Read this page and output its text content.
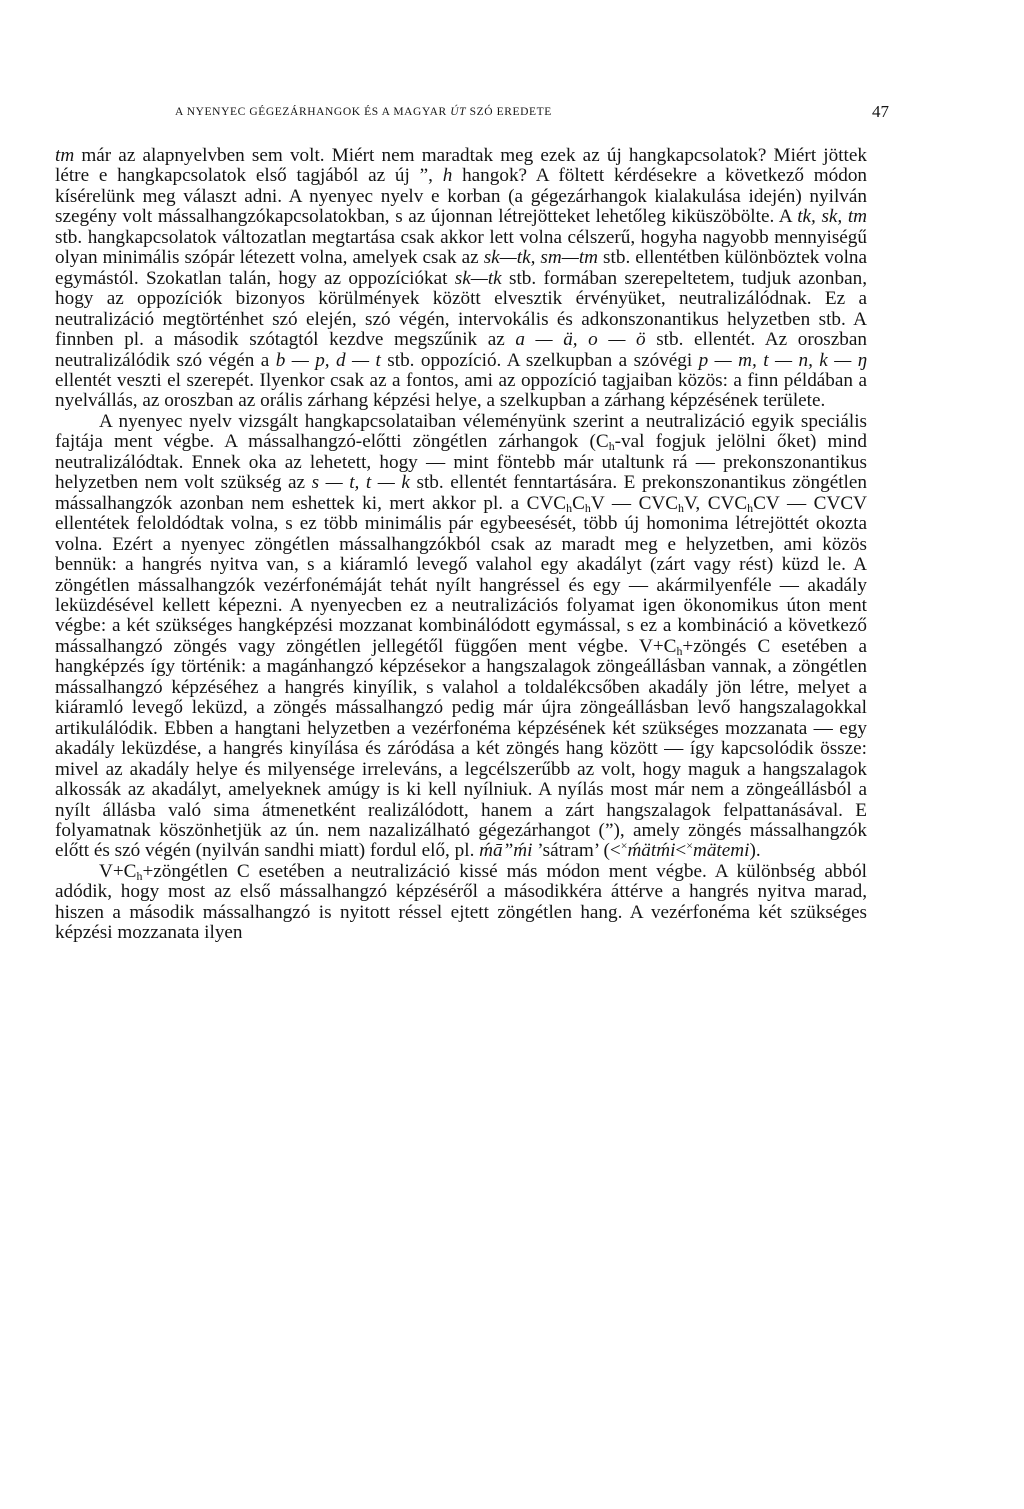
A NYENYEC GÉGEZÁRHANGOK ÉS A MAGYAR ÚT SZÓ EREDETE	47

tm már az alapnyelvben sem volt. Miért nem maradtak meg ezek az új hangkapcsolatok? Miért jöttek létre e hangkapcsolatok első tagjából az új ”, h hangok? A föltett kérdésekre a következő módon kísérelünk meg választ adni. A nyenyec nyelv e korban (a gégezárhangok kialakulása idején) nyilván szegény volt mássalhangzókapcsolatokban, s az újonnan létrejötteket lehetőleg kiküszöbölte. A tk, sk, tm stb. hangkapcsolatok változatlan megtartása csak akkor lett volna célszerű, hogyha nagyobb mennyiségű olyan minimális szópár létezett volna, amelyek csak az sk—tk, sm—tm stb. ellentétben különböztek volna egymástól. Szokatlan talán, hogy az oppozíciókat sk—tk stb. formában szerepeltetem, tudjuk azonban, hogy az oppozíciók bizonyos körülmények között elvesztik érvényüket, neutralizálódnak. Ez a neutralizáció megtörténhet szó elején, szó végén, intervokális és adkonszonantikus helyzetben stb. A finnben pl. a második szótagtól kezdve megszűnik az a — ä, o — ö stb. ellentét. Az oroszban neutralizálódik szó végén a b — p, d — t stb. oppozíció. A szelkupban a szóvégi p — m, t — n, k — ŋ ellentét veszti el szerepét. Ilyenkor csak az a fontos, ami az oppozíció tagjaiban közös: a finn példában a nyelvállás, az oroszban az orális zárhang képzési helye, a szelkupban a zárhang képzésének területe.

A nyenyec nyelv vizsgált hangkapcsolataiban véleményünk szerint a neutralizáció egyik speciális fajtája ment végbe. A mássalhangzó-előtti zöngétlen zárhangok ($C_h$-val fogjuk jelölni őket) mind neutralizálódtak. Ennek oka az lehetett, hogy — mint föntebb már utaltunk rá — prekonszonantikus helyzetben nem volt szükség az s — t, t — k stb. ellentét fenntartására. E prekonszonantikus zöngétlen mássalhangzók azonban nem eshettek ki, mert akkor pl. a $CVC_hC_hV$ — $CVC_hV$, $CVC_hCV$ — CVCV ellentétek feloldódtak volna, s ez több minimális pár egybeesését, több új homonima létrejöttét okozta volna. Ezért a nyenyec zöngétlen mássalhangzókból csak az maradt meg e helyzetben, ami közös bennük: a hangrés nyitva van, s a kiáramló levegő valahol egy akadályt (zárt vagy rést) küzd le. A zöngétlen mássalhangzók vezérfonémáját tehát nyílt hangréssel és egy — akármilyenféle — akadály leküzdésével kellett képezni. A nyenyecben ez a neutralizációs folyamat igen ökonomikus úton ment végbe: a két szükséges hangképzési mozzanat kombinálódott egymással, s ez a kombináció a következő mássalhangzó zöngés vagy zöngétlen jellegétől függően ment végbe. $V+C_h+zöngés$ C esetében a hangképzés így történik: a magánhangzó képzésekor a hangszalagok zöngeállásban vannak, a zöngétlen mássalhangzó képzéséhez a hangrés kinyílik, s valahol a toldalékcsőben akadály jön létre, melyet a kiáramló levegő leküzd, a zöngés mássalhangzó pedig már újra zöngeállásban levő hangszalagokkal artikulálódik. Ebben a hangtani helyzetben a vezérfonéma képzésének két szükséges mozzanata — egy akadály leküzdése, a hangrés kinyílása és záródása a két zöngés hang között — így kapcsolódik össze: mivel az akadály helye és milyensége irreleváns, a legcélszerűbb az volt, hogy maguk a hangszalagok alkossák az akadályt, amelyeknek amúgy is ki kell nyílniuk. A nyílás most már nem a zöngeállásból a nyílt állásba való sima átmenetként realizálódott, hanem a zárt hangszalagok felpattanásával. E folyamatnak köszönhetjük az ún. nem nazalizálható gégezárhangot (”), amely zöngés mássalhangzók előtt és szó végén (nyilván sandhi miatt) fordul elő, pl. ḿā”ḿi ’sátram’ (<×ḿätḿi<×mätemi).

$V+C_h+zöngétlen$ C esetében a neutralizáció kissé más módon ment végbe. A különbség abból adódik, hogy most az első mássalhangzó képzéséről a másodikkéra áttérve a hangrés nyitva marad, hiszen a második mássalhangzó is nyitott réssel ejtett zöngétlen hang. A vezérfonéma két szükséges képzési mozzanata ilyen
